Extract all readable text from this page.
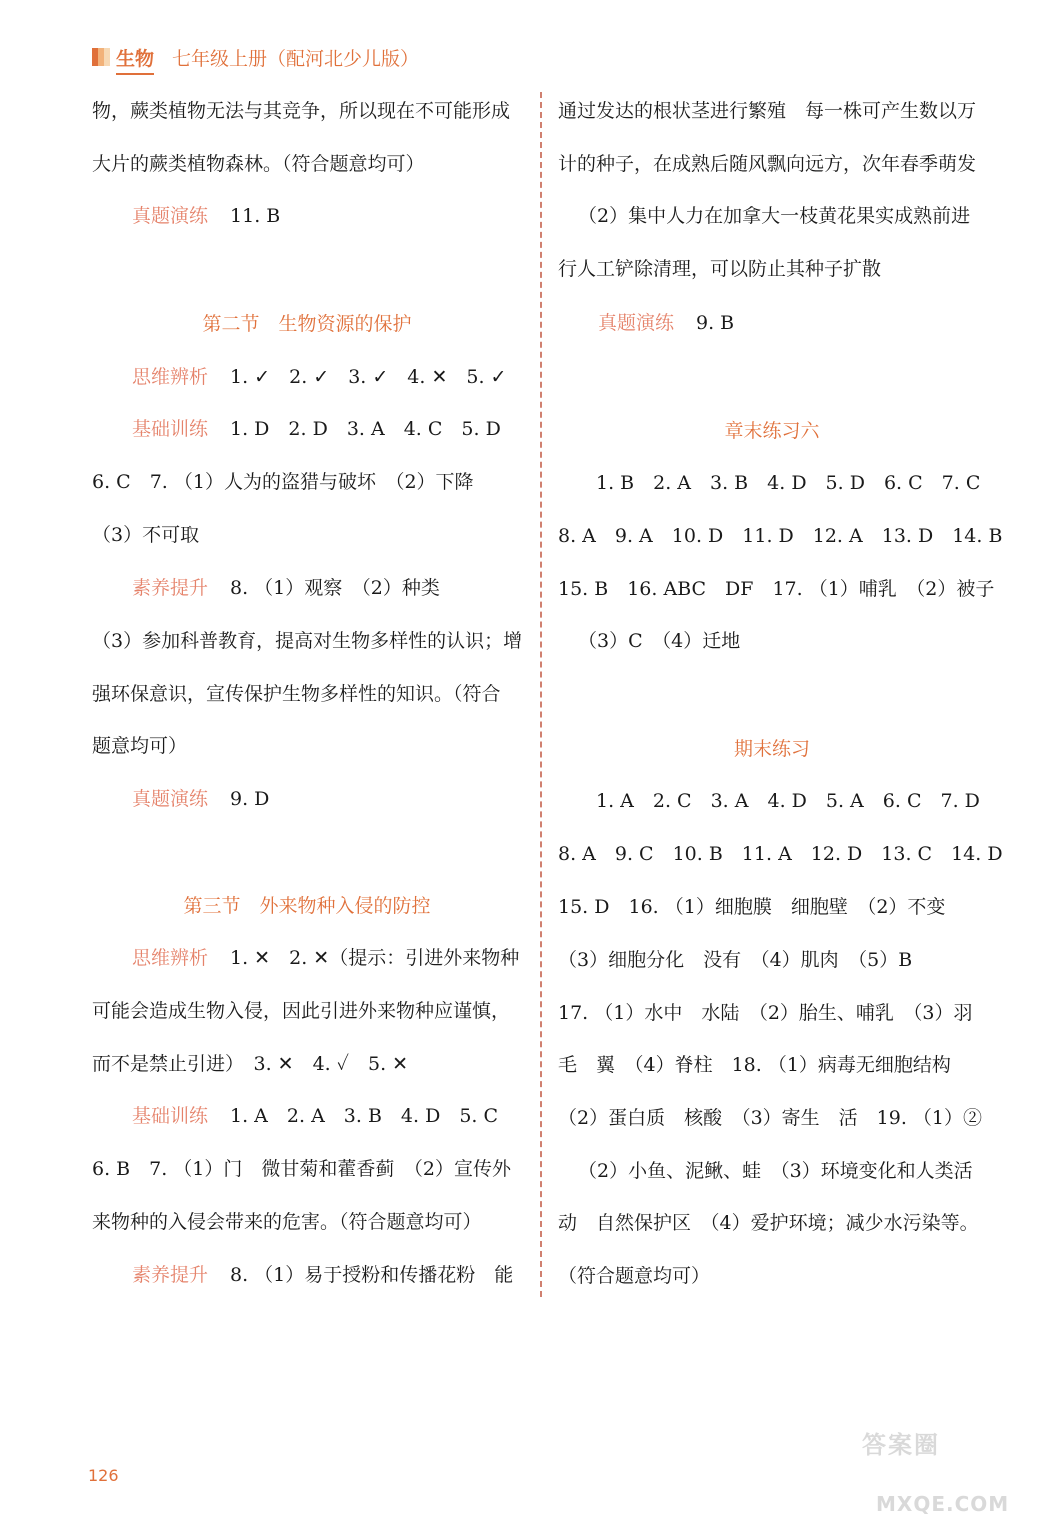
生物 七年级上册（配河北少儿版）
物，蕨类植物无法与其竞争，所以现在不可能形成
大片的蕨类植物森林。（符合题意均可）
真题演练 11. B
第二节　生物资源的保护
思维辨析 1. ✓　2. ✓　3. ✓　4. ✕　5. ✓
基础训练 1. D　2. D　3. A　4. C　5. D
6. C　7. （1）人为的盗猎与破坏　（2）下降
（3）不可取
素养提升 8. （1）观察　（2）种类
（3）参加科普教育，提高对生物多样性的认识；增
强环保意识，宣传保护生物多样性的知识。（符合
题意均可）
真题演练 9. D
第三节　外来物种入侵的防控
思维辨析 1. ✕　2. ✕（提示：引进外来物种
可能会造成生物入侵，因此引进外来物种应谨慎，
而不是禁止引进）　3. ✕　4. ✓　5. ✕
基础训练 1. A　2. A　3. B　4. D　5. C
6. B　7. （1）门　微甘菊和藿香蓟　（2）宣传外
来物种的入侵会带来的危害。（符合题意均可）
素养提升 8. （1）易于授粉和传播花粉　能
通过发达的根状茎进行繁殖　每一株可产生数以万
计的种子，在成熟后随风飘向远方，次年春季萌发
（2）集中人力在加拿大一枝黄花果实成熟前进
行人工铲除清理，可以防止其种子扩散
真题演练 9. B
章末练习六
1. B　2. A　3. B　4. D　5. D　6. C　7. C
8. A　9. A　10. D　11. D　12. A　13. D　14. B
15. B　16. ABC　DF　17. （1）哺乳　（2）被子
（3）C　（4）迁地
期末练习
1. A　2. C　3. A　4. D　5. A　6. C　7. D
8. A　9. C　10. B　11. A　12. D　13. C　14. D
15. D　16. （1）细胞膜　细胞壁　（2）不变
（3）细胞分化　没有　（4）肌肉　（5）B
17. （1）水中　水陆　（2）胎生、哺乳　（3）羽
毛　翼　（4）脊柱　18. （1）病毒无细胞结构
（2）蛋白质　核酸　（3）寄生　活　19. （1）②
（2）小鱼、泥鳅、蛙　（3）环境变化和人类活
动　自然保护区　（4）爱护环境；减少水污染等。
（符合题意均可）
126
答案圈
MXQE.COM
